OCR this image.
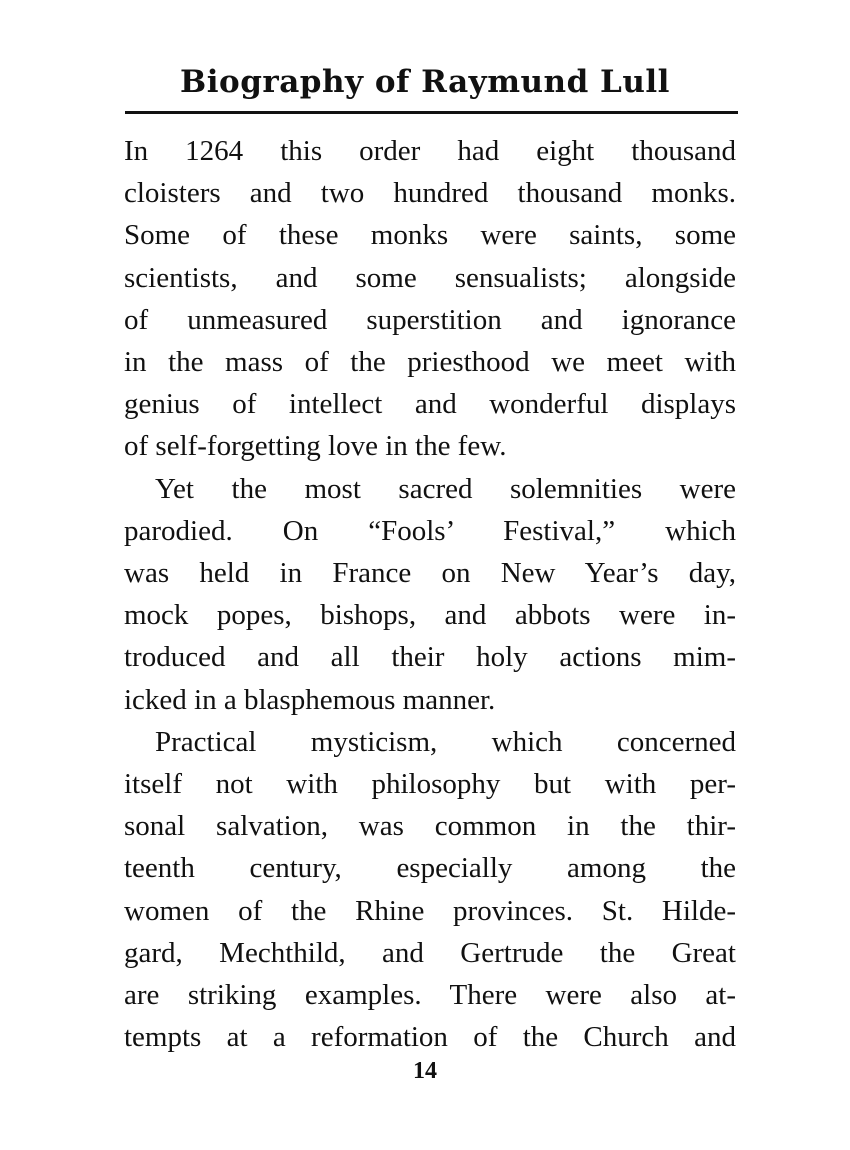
Biography of Raymund Lull
In 1264 this order had eight thousand
cloisters and two hundred thousand monks.
Some of these monks were saints, some
scientists, and some sensualists; alongside
of unmeasured superstition and ignorance
in the mass of the priesthood we meet with
genius of intellect and wonderful displays
of self-forgetting love in the few.
Yet the most sacred solemnities were
parodied. On “Fools’ Festival,” which
was held in France on New Year’s day,
mock popes, bishops, and abbots were in-
troduced and all their holy actions mim-
icked in a blasphemous manner.
Practical mysticism, which concerned
itself not with philosophy but with per-
sonal salvation, was common in the thir-
teenth century, especially among the
women of the Rhine provinces. St. Hilde-
gard, Mechthild, and Gertrude the Great
are striking examples. There were also at-
tempts at a reformation of the Church and
14
